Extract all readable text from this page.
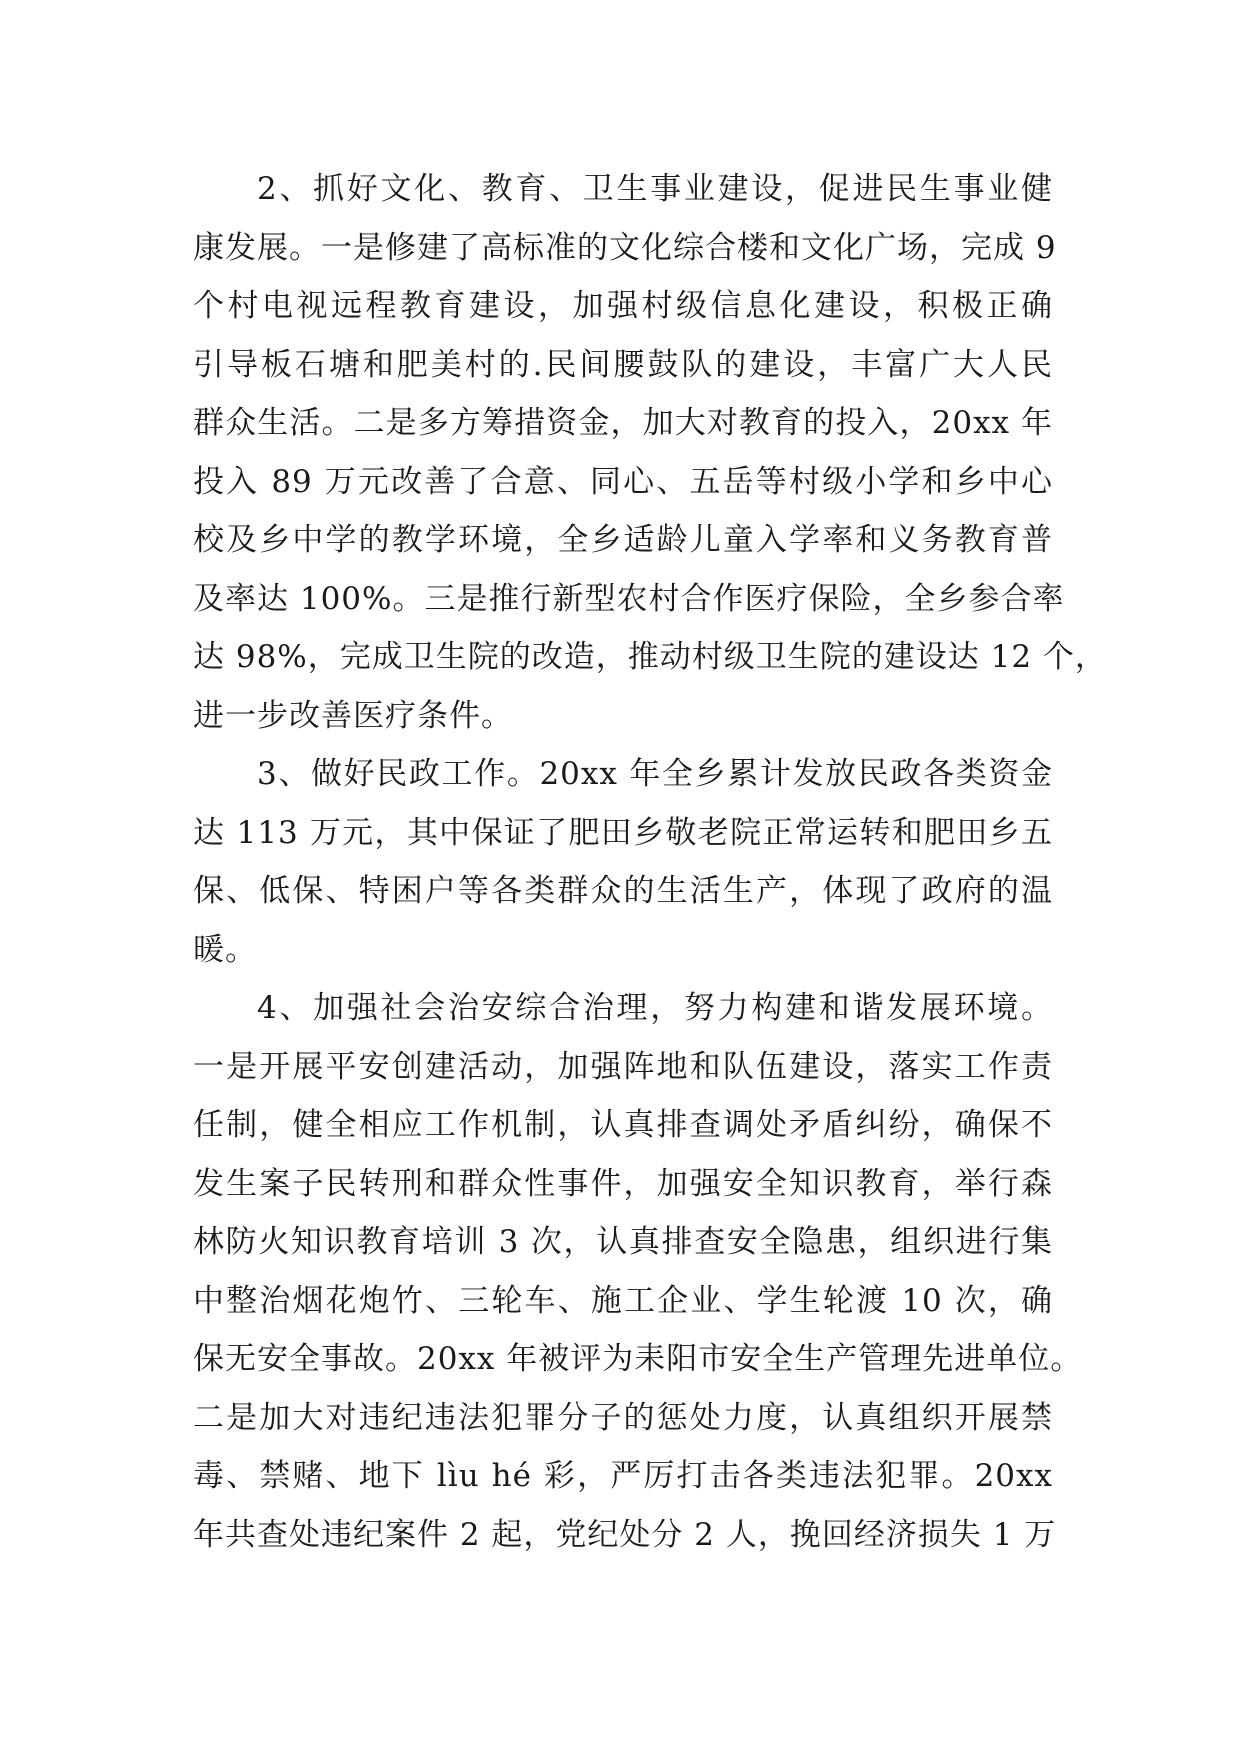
2、抓好文化、教育、卫生事业建设，促进民生事业健
康发展。一是修建了高标准的文化综合楼和文化广场，完成 9
个村电视远程教育建设，加强村级信息化建设，积极正确
引导板石塘和肥美村的.民间腰鼓队的建设，丰富广大人民
群众生活。二是多方筹措资金，加大对教育的投入，20xx 年
投入 89 万元改善了合意、同心、五岳等村级小学和乡中心
校及乡中学的教学环境，全乡适龄儿童入学率和义务教育普
及率达 100%。三是推行新型农村合作医疗保险，全乡参合率
达 98%，完成卫生院的改造，推动村级卫生院的建设达 12 个，
进一步改善医疗条件。
3、做好民政工作。20xx 年全乡累计发放民政各类资金
达 113 万元，其中保证了肥田乡敬老院正常运转和肥田乡五
保、低保、特困户等各类群众的生活生产，体现了政府的温
暖。
4、加强社会治安综合治理，努力构建和谐发展环境。
一是开展平安创建活动，加强阵地和队伍建设，落实工作责
任制，健全相应工作机制，认真排查调处矛盾纠纷，确保不
发生案子民转刑和群众性事件，加强安全知识教育，举行森
林防火知识教育培训 3 次，认真排查安全隐患，组织进行集
中整治烟花炮竹、三轮车、施工企业、学生轮渡 10 次，确
保无安全事故。20xx 年被评为耒阳市安全生产管理先进单位。
二是加大对违纪违法犯罪分子的惩处力度，认真组织开展禁
毒、禁赌、地下 lìu hé 彩，严厉打击各类违法犯罪。20xx
年共查处违纪案件 2 起，党纪处分 2 人，挽回经济损失 1 万
